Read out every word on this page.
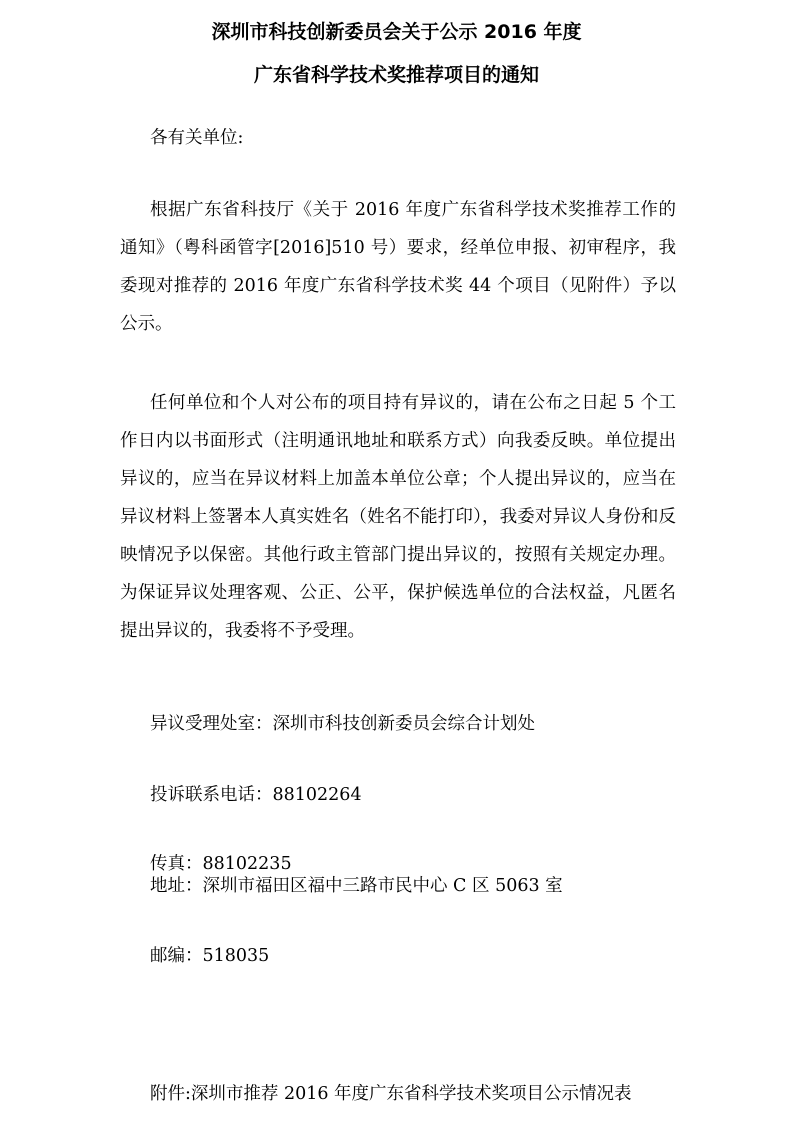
深圳市科技创新委员会关于公示 2016 年度
广东省科学技术奖推荐项目的通知
各有关单位:
根据广东省科技厅《关于 2016 年度广东省科学技术奖推荐工作的通知》（粤科函管字[2016]510 号）要求，经单位申报、初审程序，我委现对推荐的 2016 年度广东省科学技术奖 44 个项目（见附件）予以公示。
任何单位和个人对公布的项目持有异议的，请在公布之日起 5 个工作日内以书面形式（注明通讯地址和联系方式）向我委反映。单位提出异议的，应当在异议材料上加盖本单位公章；个人提出异议的，应当在异议材料上签署本人真实姓名（姓名不能打印），我委对异议人身份和反映情况予以保密。其他行政主管部门提出异议的，按照有关规定办理。为保证异议处理客观、公正、公平，保护候选单位的合法权益，凡匿名提出异议的，我委将不予受理。
异议受理处室：深圳市科技创新委员会综合计划处
投诉联系电话：88102264
传真：88102235
地址：深圳市福田区福中三路市民中心 C 区 5063 室
邮编：518035
附件:深圳市推荐 2016 年度广东省科学技术奖项目公示情况表
